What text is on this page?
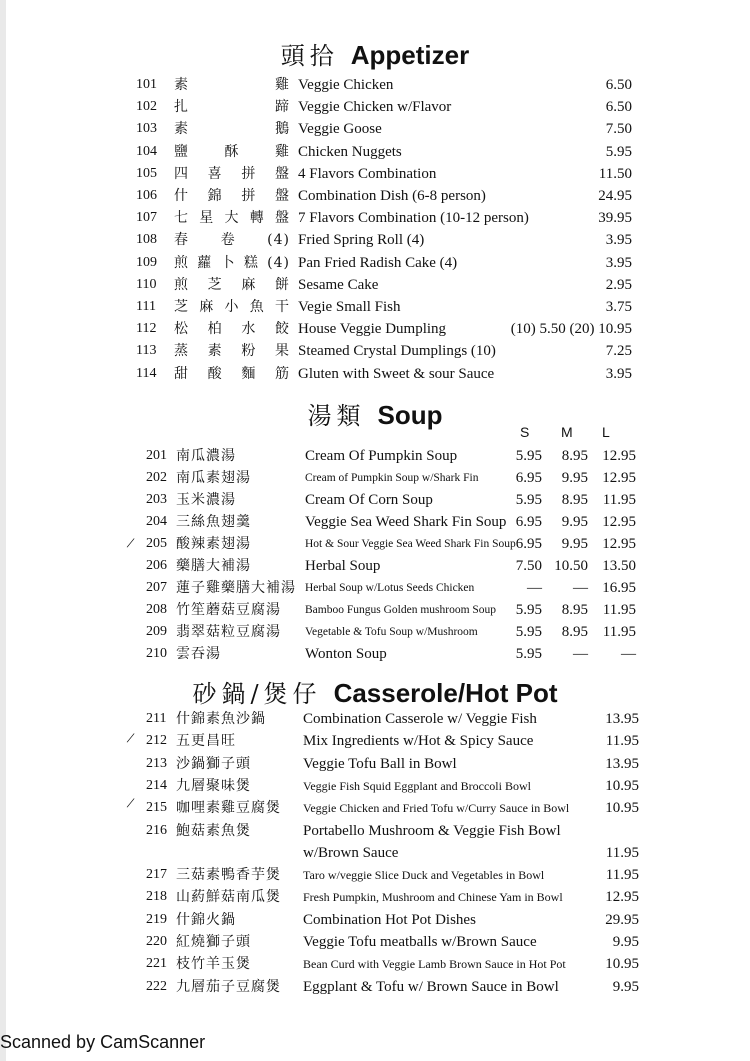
頭拾 Appetizer
101 素雞 Veggie Chicken	6.50
102 扎蹄 Veggie Chicken w/Flavor	6.50
103 素鵝 Veggie Goose	7.50
104 鹽酥雞 Chicken Nuggets	5.95
105 四喜拼盤 4 Flavors Combination	11.50
106 什錦拼盤 Combination Dish (6-8 person)	24.95
107 七星大轉盤 7 Flavors Combination (10-12 person)	39.95
108 春卷(4) Fried Spring Roll (4)	3.95
109 煎蘿卜糕(4) Pan Fried Radish Cake (4)	3.95
110 煎芝麻餅 Sesame Cake	2.95
111 芝麻小魚干 Vegie Small Fish	3.75
112 松柏水餃 House Veggie Dumpling	(10) 5.50 (20) 10.95
113 蒸素粉果 Steamed Crystal Dumplings (10)	7.25
114 甜酸麵筋 Gluten with Sweet & sour Sauce	3.95
湯類 Soup
S M L
201 南瓜濃湯	Cream Of Pumpkin Soup	5.95 8.95 12.95
202 南瓜素翅湯	Cream of Pumpkin Soup w/Shark Fin 6.95 9.95 12.95
203 玉米濃湯	Cream Of Corn Soup	5.95 8.95 11.95
204 三絲魚翅羹	Veggie Sea Weed Shark Fin Soup 6.95 9.95 12.95
205 酸辣素翅湯	Hot & Sour Veggie Sea Weed Shark Fin Soup 6.95 9.95 12.95
206 藥膳大補湯	Herbal Soup	7.50 10.50 13.50
207 蓮子雞藥膳大補湯 Herbal Soup w/Lotus Seeds Chicken	— — 16.95
208 竹笙蘑菇豆腐湯	Bamboo Fungus Golden mushroom Soup 5.95 8.95 11.95
209 翡翠菇粒豆腐湯	Vegetable & Tofu Soup w/Mushroom	5.95 8.95 11.95
210 雲吞湯	Wonton Soup	5.95 — —
砂鍋/煲仔 Casserole/Hot Pot
211 什錦素魚沙鍋	Combination Casserole w/ Veggie Fish	13.95
212 五更昌旺	Mix Ingredients w/Hot & Spicy Sauce	11.95
213 沙鍋獅子頭	Veggie Tofu Ball in Bowl	13.95
214 九層聚味煲	Veggie Fish Squid Eggplant and Broccoli Bowl	10.95
215 咖哩素雞豆腐煲	Veggie Chicken and Fried Tofu w/Curry Sauce in Bowl 10.95
216 鮑菇素魚煲	Portabello Mushroom & Veggie Fish Bowl
w/Brown Sauce	11.95
217 三菇素鴨香芋煲	Taro w/veggie Slice Duck and Vegetables in Bowl	11.95
218 山葯鮮菇南瓜煲	Fresh Pumpkin, Mushroom and Chinese Yam in Bowl	12.95
219 什錦火鍋	Combination Hot Pot Dishes	29.95
220 紅燒獅子頭	Veggie Tofu meatballs w/Brown Sauce	9.95
221 枝竹羊玉煲	Bean Curd with Veggie Lamb Brown Sauce in Hot Pot	10.95
222 九層茄子豆腐煲	Eggplant & Tofu w/ Brown Sauce in Bowl	9.95
/
/
/
Scanned by CamScanner
